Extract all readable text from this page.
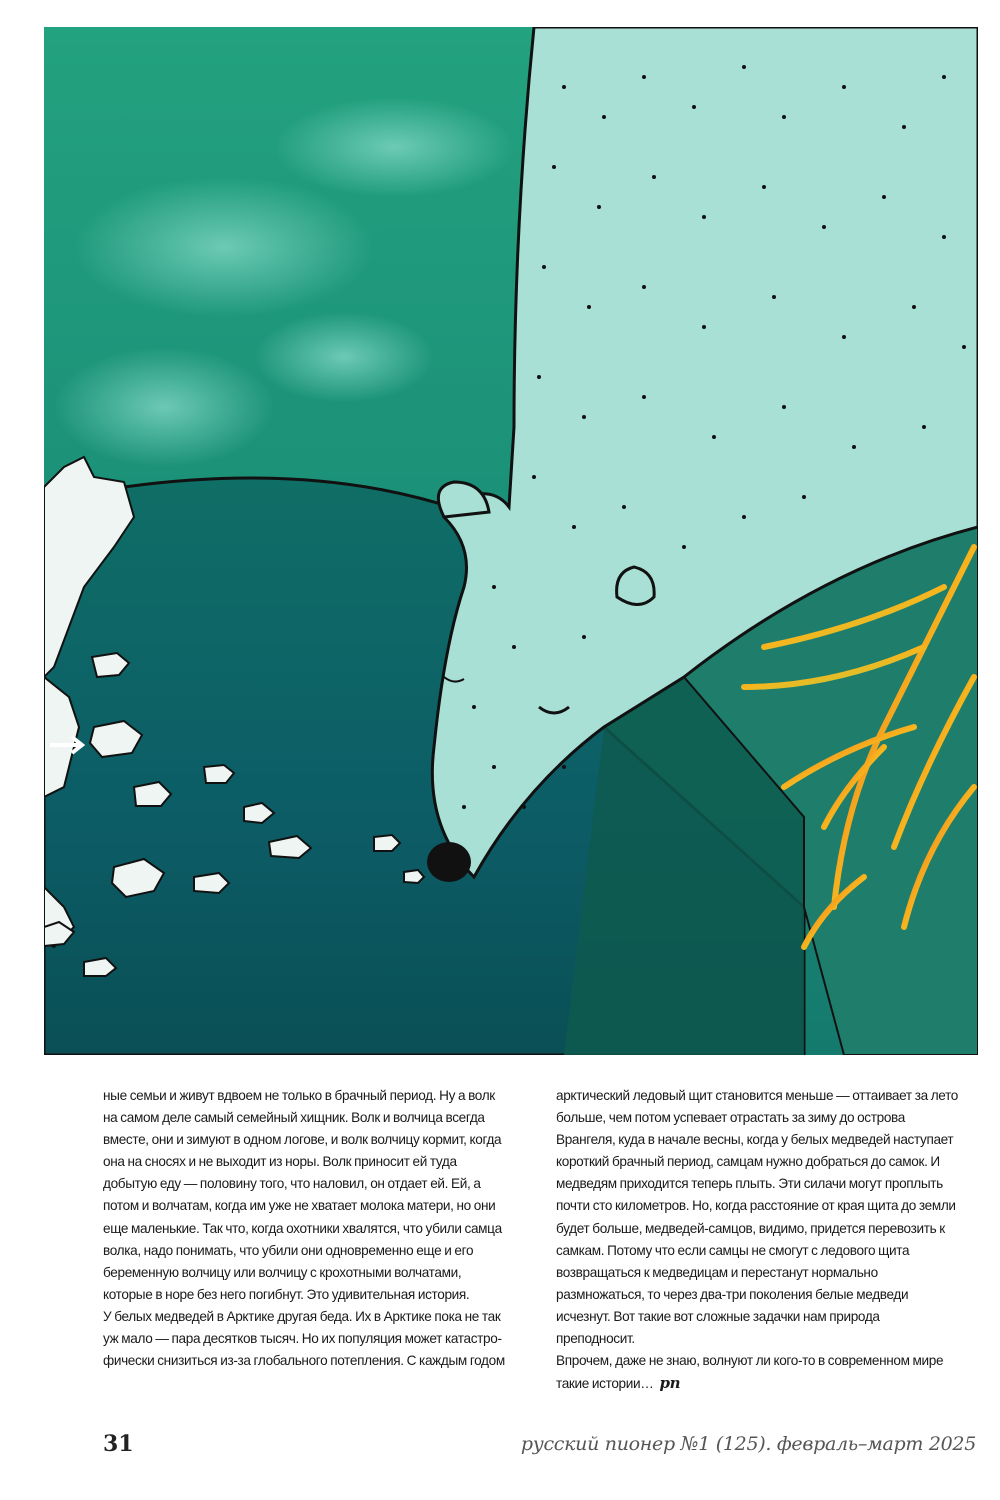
ные семьи и живут вдвоем не только в брачный период. Ну а волк на самом деле самый семейный хищник. Волк и волчица всегда вместе, они и зимуют в одном логове, и волк волчицу кормит, когда она на сносях и не выходит из норы. Волк приносит ей туда добытую еду — половину того, что наловил, он отдает ей. Ей, а потом и волчатам, когда им уже не хватает молока матери, но они еще маленькие. Так что, когда охотники хвалятся, что убили самца волка, надо понимать, что убили они одновременно еще и его беременную волчицу или волчицу с крохотными волчатами, которые в норе без него погибнут. Это удивительная история.

У белых медведей в Арктике другая беда. Их в Арктике пока не так уж мало — пара десятков тысяч. Но их популяция может катастрофически снизиться из-за глобального потепления. С каждым годом

арктический ледовый щит становится меньше — оттаивает за лето больше, чем потом успевает отрастать за зиму до острова Врангеля, куда в начале весны, когда у белых медведей наступает короткий брачный период, самцам нужно добраться до самок. И медведям приходится теперь плыть. Эти силачи могут проплыть почти сто километров. Но, когда расстояние от края щита до земли будет больше, медведей-самцов, видимо, придется перевозить к самкам. Потому что если самцы не смогут с ледового щита возвращаться к медведицам и перестанут нормально размножаться, то через два-три поколения белые медведи исчезнут. Вот такие вот сложные задачки нам природа преподносит.

Впрочем, даже не знаю, волнуют ли кого-то в современном мире такие истории… рп

31	русский пионер №1 (125). февраль–март 2025
